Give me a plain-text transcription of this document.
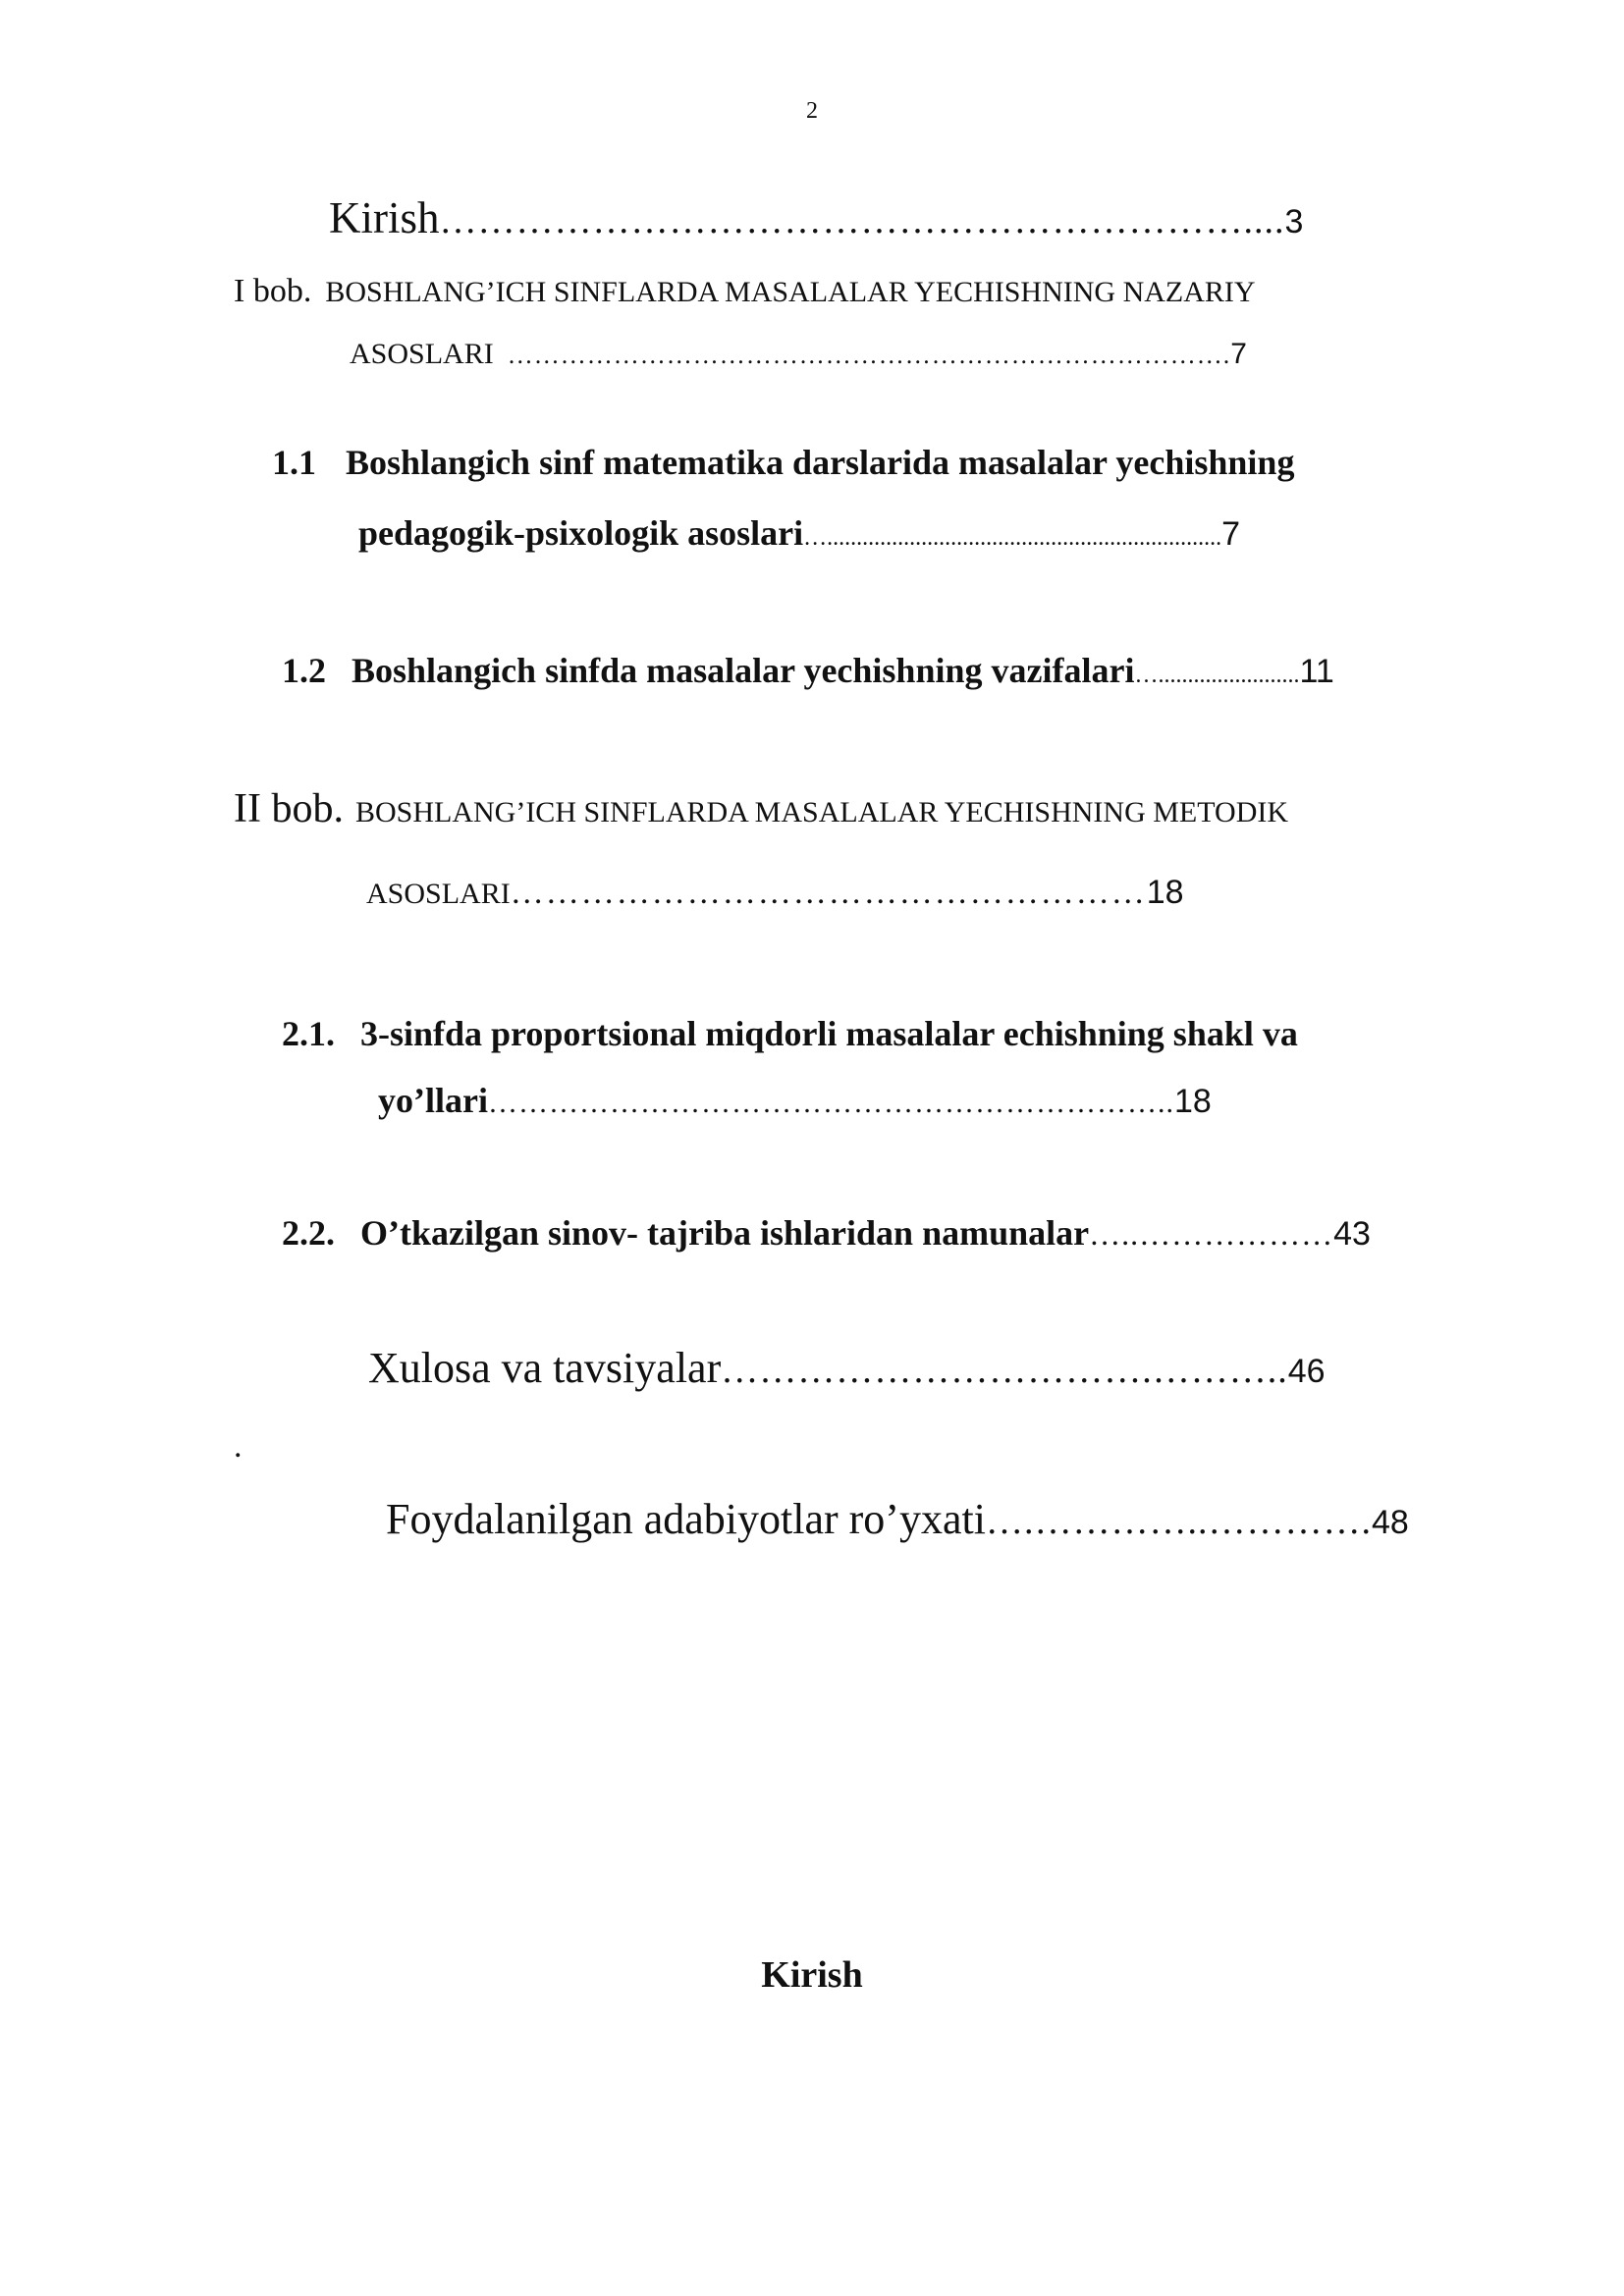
2
Kirish ……………………………………………………….... 3
I bob. BOSHLANG’ICH SINFLARDA MASALALAR YECHISHNING NAZARIY
ASOSLARI ………………………………………………………………………. 7
1.1 Boshlangich sinf matematika darslarida masalalar yechishning
pedagogik-psixologik asoslari …................................................................... 7
1.2 Boshlangich sinfda masalalar yechishning vazifalari …........................ 11
II bob. BOSHLANG’ICH SINFLARDA MASALALAR YECHISHNING METODIK
ASOSLARI ……………………………………………… 18
2.1. 3-sinfda proportsional miqdorli masalalar echishning shakl va
yo’llari ………………………………………………………….. 18
2.2. O’tkazilgan sinov- tajriba ishlaridan namunalar …..……………… 43
Xulosa va tavsiyalar …………………………….……….. 46
.
Foydalanilgan adabiyotlar ro’yxati ….…………..…………. 48
Kirish
